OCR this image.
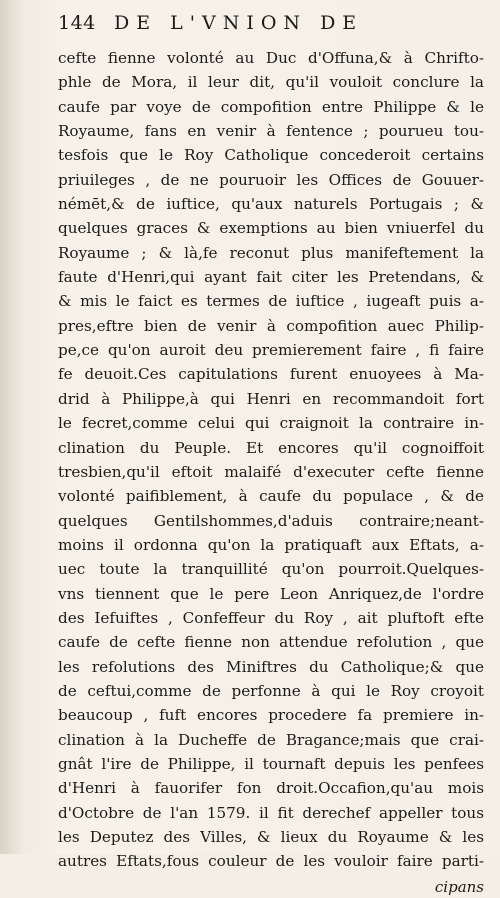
144 DE L'VNION DE
cefte fienne volonté au Duc d'Offuna,& à Chrifto-
phle de Mora, il leur dit, qu'il vouloit conclure la
caufe par voye de compofition entre Philippe & le
Royaume, fans en venir à fentence ; pourueu tou-
tesfois que le Roy Catholique concederoit certains
priuileges , de ne pouruoir les Offices de Gouuer-
némēt,& de iuftice, qu'aux naturels Portugais ; &
quelques graces & exemptions au bien vniuerfel du
Royaume ; & là,fe reconut plus manifeftement la
faute d'Henri,qui ayant fait citer les Pretendans, &
& mis le faict es termes de iuftice , iugeaft puis a-
pres,eftre bien de venir à compofition auec Philip-
pe,ce qu'on auroit deu premierement faire , fi faire
fe deuoit.Ces capitulations furent enuoyees à Ma-
drid à Philippe,à qui Henri en recommandoit fort
le fecret,comme celui qui craignoit la contraire in-
clination du Peuple. Et encores qu'il cognoiffoit
tresbien,qu'il eftoit malaifé d'executer cefte fienne
volonté paifiblement, à caufe du populace , & de
quelques Gentilshommes,d'aduis contraire;neant-
moins il ordonna qu'on la pratiquaft aux Eftats, a-
uec toute la tranquillité qu'on pourroit.Quelques-
vns tiennent que le pere Leon Anriquez,de l'ordre
des Iefuiftes , Confeffeur du Roy , ait pluftoft efte
caufe de cefte fienne non attendue refolution , que
les refolutions des Miniftres du Catholique;& que
de ceftui,comme de perfonne à qui le Roy croyoit
beaucoup , fuft encores procedere fa premiere in-
clination à la Ducheffe de Bragance;mais que crai-
gnât l'ire de Philippe, il tournaft depuis les penfees
d'Henri à fauorifer fon droit.Occafion,qu'au mois
d'Octobre de l'an 1579. il fit derechef appeller tous
les Deputez des Villes, & lieux du Royaume & les
autres Eftats,fous couleur de les vouloir faire parti-
cipans
